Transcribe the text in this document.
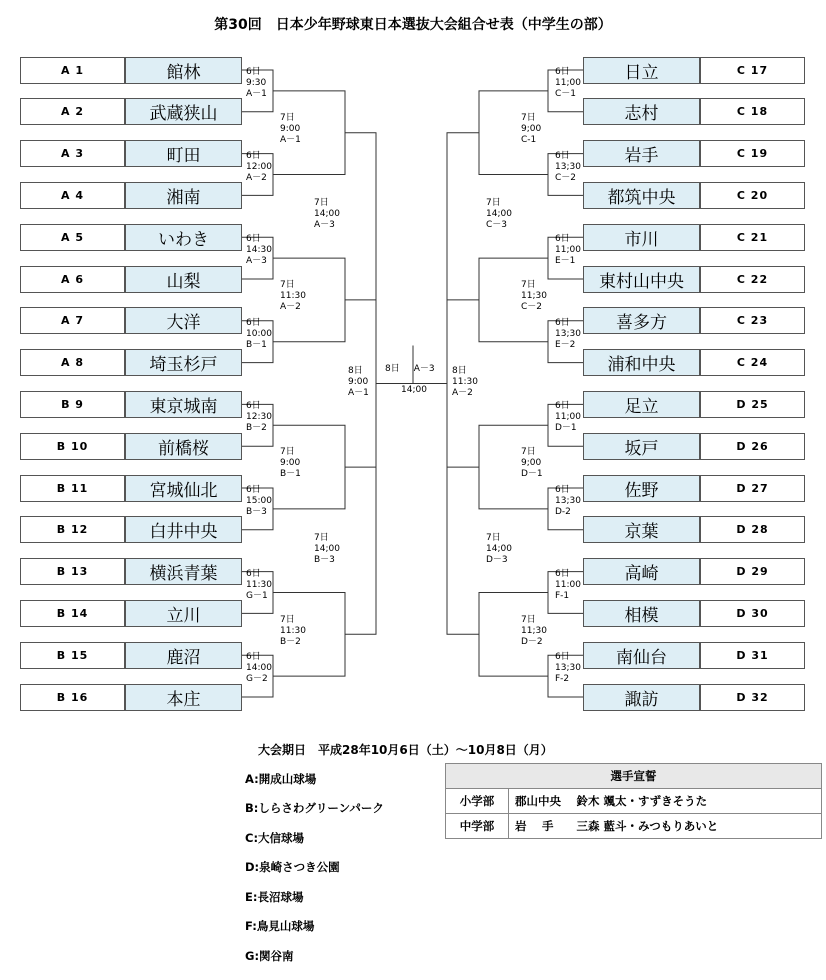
第30回　日本少年野球東日本選抜大会組合せ表（中学生の部）
A 1	館林	日立	C 17
A 2	武蔵狭山	志村	C 18
A 3	町田	岩手	C 19
A 4	湘南	都筑中央	C 20
A 5	いわき	市川	C 21
A 6	山梨	東村山中央	C 22
A 7	大洋	喜多方	C 23
A 8	埼玉杉戸	浦和中央	C 24
B 9	東京城南	足立	D 25
B 10	前橋桜	坂戸	D 26
B 11	宮城仙北	佐野	D 27
B 12	白井中央	京葉	D 28
B 13	横浜青葉	高崎	D 29
B 14	立川	相模	D 30
B 15	鹿沼	南仙台	D 31
B 16	本庄	諏訪	D 32
6日
9:30
A－1
6日
12:00
A－2
6日
14:30
A－3
6日
10:00
B－1
6日
12:30
B－2
6日
15:00
B－3
6日
11:30
G－1
6日
14:00
G－2
7日
9:00
A－1
7日
11:30
A－2
7日
9:00
B－1
7日
11:30
B－2
7日
14;00
A－3
7日
14;00
B－3
8日
9:00
A－1
6日
11;00
C－1
6日
13;30
C－2
6日
11;00
E－1
6日
13;30
E－2
6日
11;00
D－1
6日
13;30
D-2
6日
11:00
F-1
6日
13;30
F-2
7日
9;00
C-1
7日
11;30
C－2
7日
9;00
D－1
7日
11;30
D－2
7日
14;00
C－3
7日
14;00
D－3
8日
11:30
A－2
8日 A－3
14;00
大会期日　平成28年10月6日（土）～10月8日（月）
A:開成山球場
B:しらさわグリーンパーク
C:大信球場
D:泉崎さつき公園
E:長沼球場
F:鳥見山球場
G:関谷南
選手宣誓	
小学部	郡山中央　 鈴木 颯太・すずきそうた
中学部	岩　 手　　三森 藍斗・みつもりあいと
